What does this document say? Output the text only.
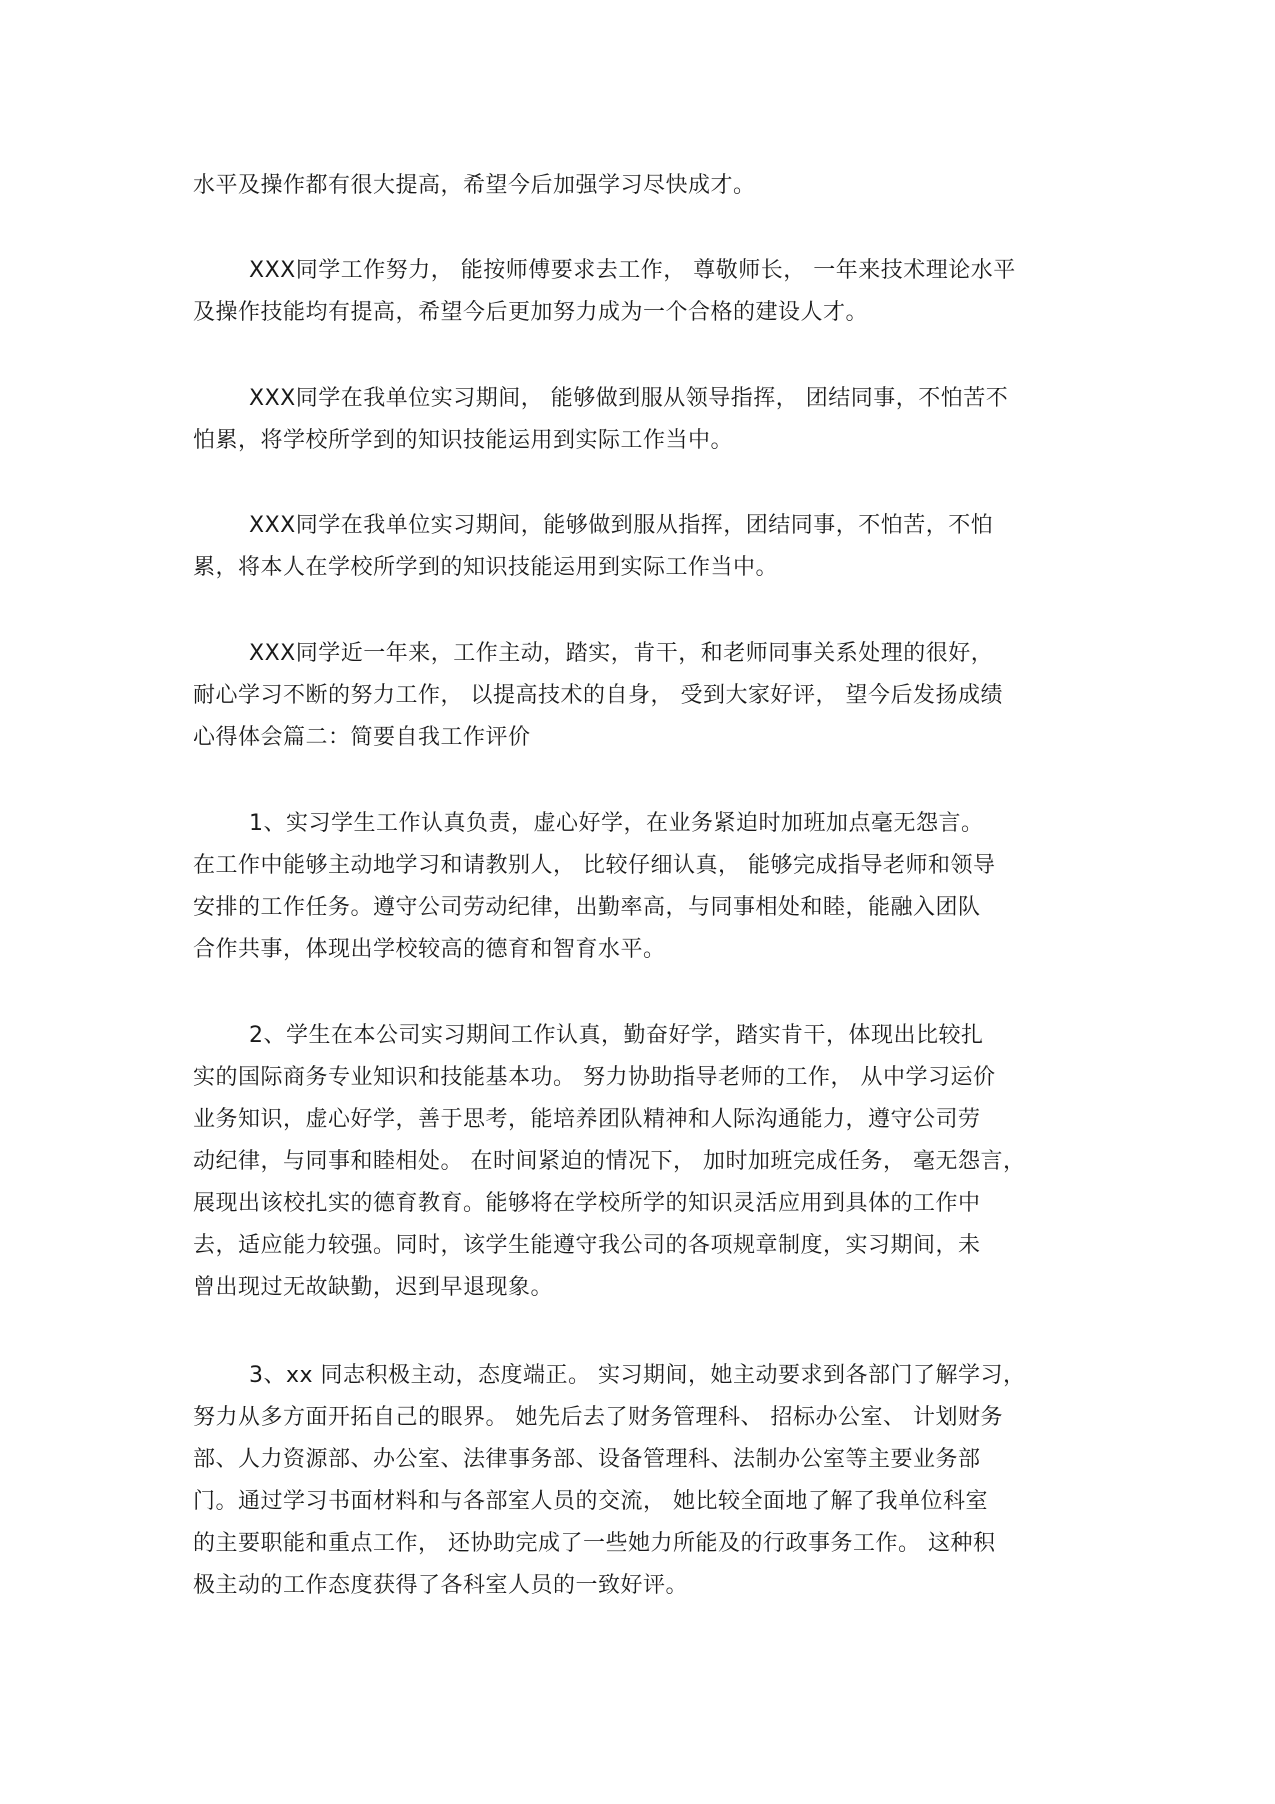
水平及操作都有很大提高，希望今后加强学习尽快成才。
XXX同学工作努力， 能按师傅要求去工作， 尊敬师长， 一年来技术理论水平
及操作技能均有提高，希望今后更加努力成为一个合格的建设人才。
XXX同学在我单位实习期间， 能够做到服从领导指挥， 团结同事，不怕苦不
怕累，将学校所学到的知识技能运用到实际工作当中。
XXX同学在我单位实习期间，能够做到服从指挥，团结同事，不怕苦，不怕
累，将本人在学校所学到的知识技能运用到实际工作当中。
XXX同学近一年来，工作主动，踏实，肯干，和老师同事关系处理的很好，
耐心学习不断的努力工作， 以提高技术的自身， 受到大家好评， 望今后发扬成绩
心得体会篇二：简要自我工作评价
1、实习学生工作认真负责，虚心好学，在业务紧迫时加班加点毫无怨言。
在工作中能够主动地学习和请教别人， 比较仔细认真， 能够完成指导老师和领导
安排的工作任务。遵守公司劳动纪律，出勤率高，与同事相处和睦，能融入团队
合作共事，体现出学校较高的德育和智育水平。
2、学生在本公司实习期间工作认真，勤奋好学，踏实肯干，体现出比较扎
实的国际商务专业知识和技能基本功。 努力协助指导老师的工作， 从中学习运价
业务知识，虚心好学，善于思考，能培养团队精神和人际沟通能力，遵守公司劳
动纪律，与同事和睦相处。 在时间紧迫的情况下， 加时加班完成任务， 毫无怨言，
展现出该校扎实的德育教育。能够将在学校所学的知识灵活应用到具体的工作中
去，适应能力较强。同时，该学生能遵守我公司的各项规章制度，实习期间，未
曾出现过无故缺勤，迟到早退现象。
3、xx 同志积极主动，态度端正。 实习期间，她主动要求到各部门了解学习，
努力从多方面开拓自己的眼界。 她先后去了财务管理科、 招标办公室、 计划财务
部、人力资源部、办公室、法律事务部、设备管理科、法制办公室等主要业务部
门。通过学习书面材料和与各部室人员的交流， 她比较全面地了解了我单位科室
的主要职能和重点工作， 还协助完成了一些她力所能及的行政事务工作。 这种积
极主动的工作态度获得了各科室人员的一致好评。
